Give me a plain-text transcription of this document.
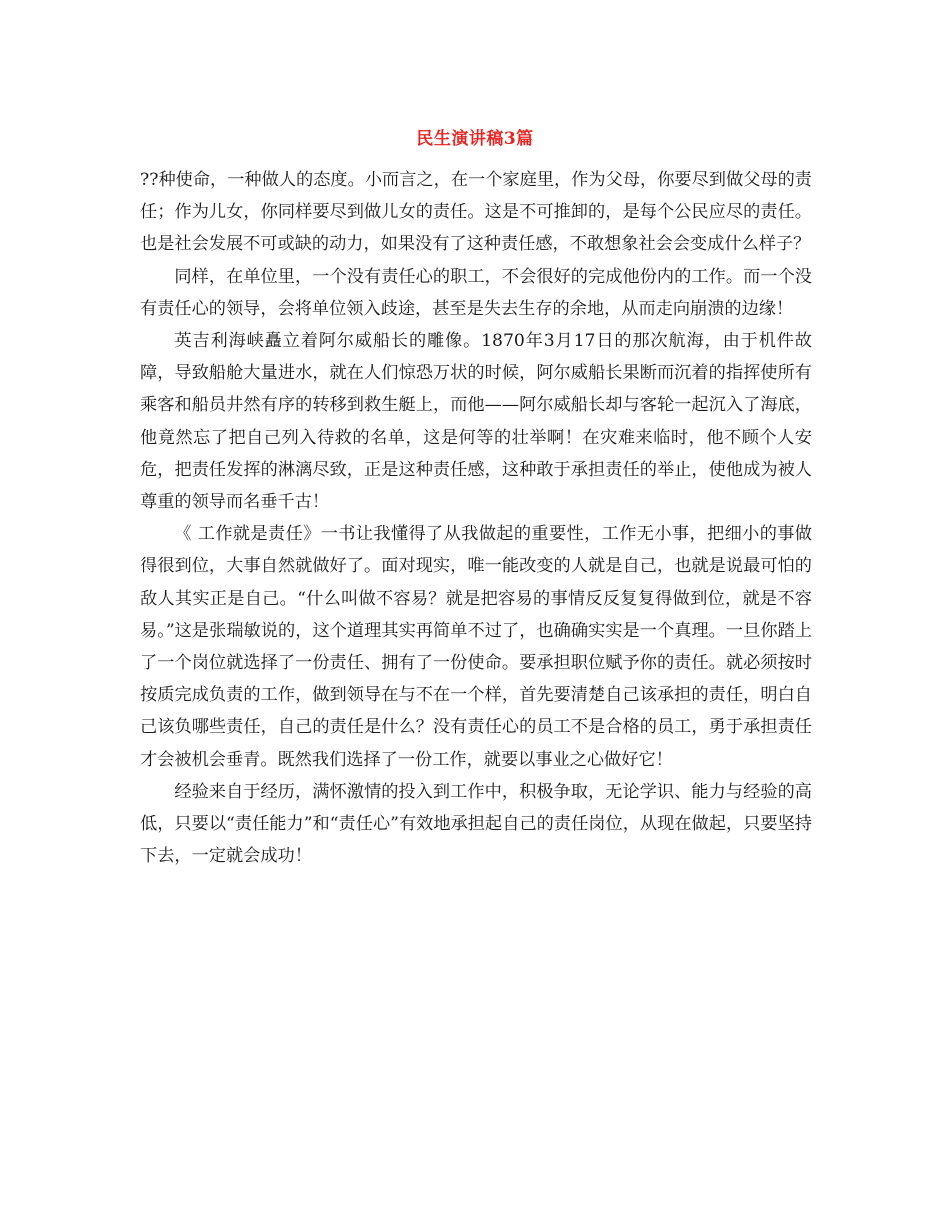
民生演讲稿3篇

??种使命，一种做人的态度。小而言之，在一个家庭里，作为父母，你要尽到做父母的责任；作为儿女，你同样要尽到做儿女的责任。这是不可推卸的，是每个公民应尽的责任。也是社会发展不可或缺的动力，如果没有了这种责任感，不敢想象社会会变成什么样子？

同样，在单位里，一个没有责任心的职工，不会很好的完成他份内的工作。而一个没有责任心的领导，会将单位领入歧途，甚至是失去生存的余地，从而走向崩溃的边缘！

英吉利海峡矗立着阿尔威船长的雕像。1870年3月17日的那次航海，由于机件故障，导致船舱大量进水，就在人们惊恐万状的时候，阿尔威船长果断而沉着的指挥使所有乘客和船员井然有序的转移到救生艇上，而他——阿尔威船长却与客轮一起沉入了海底，他竟然忘了把自己列入待救的名单，这是何等的壮举啊！在灾难来临时，他不顾个人安危，把责任发挥的淋漓尽致，正是这种责任感，这种敢于承担责任的举止，使他成为被人尊重的领导而名垂千古！

《 工作就是责任》一书让我懂得了从我做起的重要性，工作无小事，把细小的事做得很到位，大事自然就做好了。面对现实，唯一能改变的人就是自己，也就是说最可怕的敌人其实正是自己。“什么叫做不容易？就是把容易的事情反反复复得做到位，就是不容易。”这是张瑞敏说的，这个道理其实再简单不过了，也确确实实是一个真理。一旦你踏上了一个岗位就选择了一份责任、拥有了一份使命。要承担职位赋予你的责任。就必须按时按质完成负责的工作，做到领导在与不在一个样，首先要清楚自己该承担的责任，明白自己该负哪些责任，自己的责任是什么？没有责任心的员工不是合格的员工，勇于承担责任才会被机会垂青。既然我们选择了一份工作，就要以事业之心做好它！

经验来自于经历，满怀激情的投入到工作中，积极争取，无论学识、能力与经验的高低，只要以“责任能力”和“责任心”有效地承担起自己的责任岗位，从现在做起，只要坚持下去，一定就会成功！
